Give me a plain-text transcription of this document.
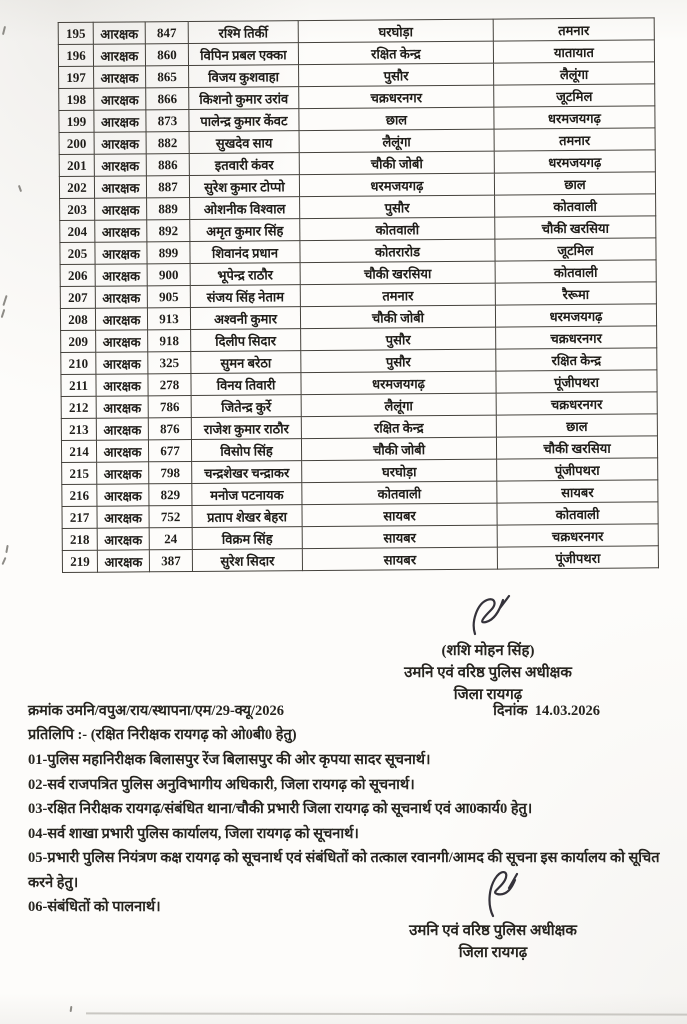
195	आरक्षक	847	रश्मि तिर्की	घरघोड़ा	तमनार
196	आरक्षक	860	विपिन प्रबल एक्का	रक्षित केन्द्र	यातायात
197	आरक्षक	865	विजय कुशवाहा	पुसौर	लैलूंगा
198	आरक्षक	866	किशनो कुमार उरांव	चक्रधरनगर	जूटमिल
199	आरक्षक	873	पालेन्द्र कुमार केंवट	छाल	धरमजयगढ़
200	आरक्षक	882	सुखदेव साय	लैलूंगा	तमनार
201	आरक्षक	886	इतवारी कंवर	चौकी जोबी	धरमजयगढ़
202	आरक्षक	887	सुरेश कुमार टोप्पो	धरमजयगढ़	छाल
203	आरक्षक	889	ओशनीक विश्वाल	पुसौर	कोतवाली
204	आरक्षक	892	अमृत कुमार सिंह	कोतवाली	चौकी खरसिया
205	आरक्षक	899	शिवानंद प्रधान	कोतरारोड	जूटमिल
206	आरक्षक	900	भूपेन्द्र राठौर	चौकी खरसिया	कोतवाली
207	आरक्षक	905	संजय सिंह नेताम	तमनार	रैरूमा
208	आरक्षक	913	अश्वनी कुमार	चौकी जोबी	धरमजयगढ़
209	आरक्षक	918	दिलीप सिदार	पुसौर	चक्रधरनगर
210	आरक्षक	325	सुमन बरेठा	पुसौर	रक्षित केन्द्र
211	आरक्षक	278	विनय तिवारी	धरमजयगढ़	पूंजीपथरा
212	आरक्षक	786	जितेन्द्र कुर्रे	लैलूंगा	चक्रधरनगर
213	आरक्षक	876	राजेश कुमार राठौर	रक्षित केन्द्र	छाल
214	आरक्षक	677	विसोप सिंह	चौकी जोबी	चौकी खरसिया
215	आरक्षक	798	चन्द्रशेखर चन्द्राकर	घरघोड़ा	पूंजीपथरा
216	आरक्षक	829	मनोज पटनायक	कोतवाली	सायबर
217	आरक्षक	752	प्रताप शेखर बेहरा	सायबर	कोतवाली
218	आरक्षक	24	विक्रम सिंह	सायबर	चक्रधरनगर
219	आरक्षक	387	सुरेश सिदार	सायबर	पूंजीपथरा
(शशि मोहन सिंह)
उमनि एवं वरिष्ठ पुलिस अधीक्षक
जिला रायगढ़
क्रमांक उमनि/वपुअ/राय/स्थापना/एम/29-क्यू/2026	दिनांक 14.03.2026
प्रतिलिपि :- (रक्षित निरीक्षक रायगढ़ को ओ0बी0 हेतु)
01-पुलिस महानिरीक्षक बिलासपुर रेंज बिलासपुर की ओर कृपया सादर सूचनार्थ।
02-सर्व राजपत्रित पुलिस अनुविभागीय अधिकारी, जिला रायगढ़ को सूचनार्थ।
03-रक्षित निरीक्षक रायगढ़/संबंधित थाना/चौकी प्रभारी जिला रायगढ़ को सूचनार्थ एवं आ0कार्य0 हेतु।
04-सर्व शाखा प्रभारी पुलिस कार्यालय, जिला रायगढ़ को सूचनार्थ।
05-प्रभारी पुलिस नियंत्रण कक्ष रायगढ़ को सूचनार्थ एवं संबंधितों को तत्काल रवानगी/आमद की सूचना इस कार्यालय को सूचित करने हेतु।
06-संबंधितों को पालनार्थ।
उमनि एवं वरिष्ठ पुलिस अधीक्षक
जिला रायगढ़
